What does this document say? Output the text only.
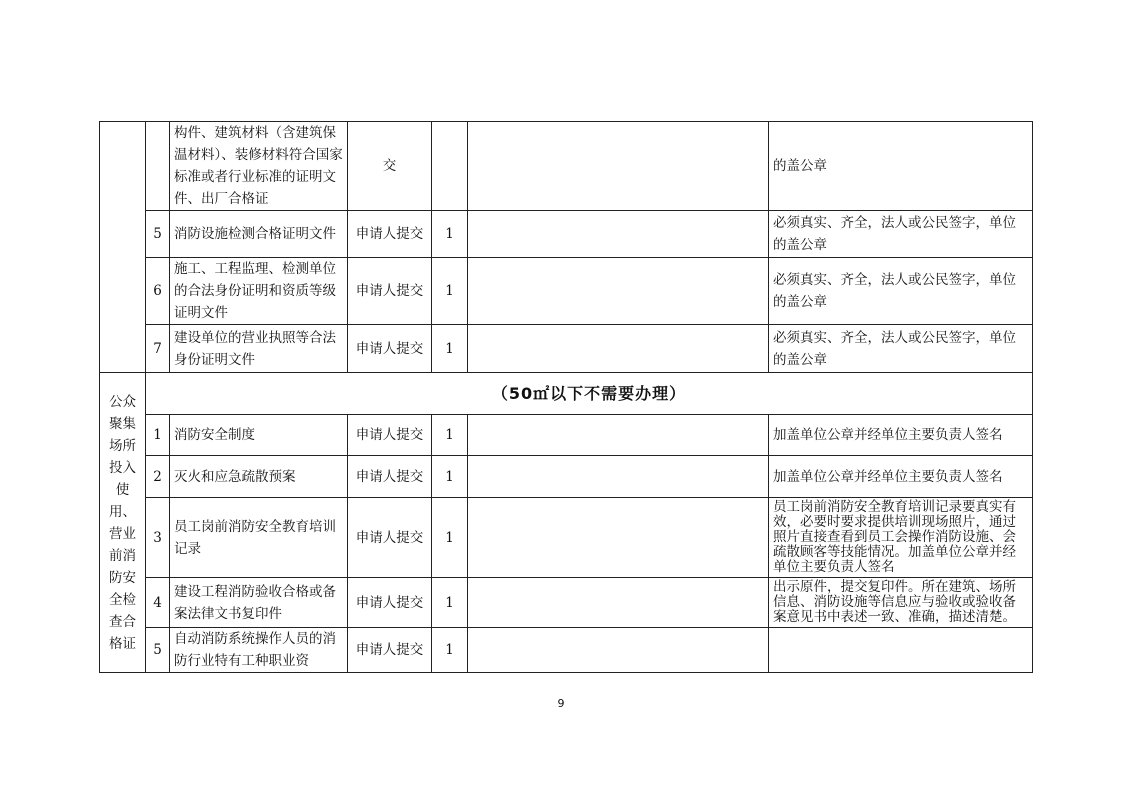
		构件、建筑材料（含建筑保温材料）、装修材料符合国家标准或者行业标准的证明文件、出厂合格证	交			的盖公章
	5	消防设施检测合格证明文件	申请人提交	1		必须真实、齐全，法人或公民签字，单位的盖公章
	6	施工、工程监理、检测单位的合法身份证明和资质等级证明文件	申请人提交	1		必须真实、齐全，法人或公民签字，单位的盖公章
	7	建设单位的营业执照等合法身份证明文件	申请人提交	1		必须真实、齐全，法人或公民签字，单位的盖公章
公众聚集场所投入使用、营业前消防安全检查合格证	（50㎡以下不需要办理）					
	1	消防安全制度	申请人提交	1		加盖单位公章并经单位主要负责人签名
	2	灭火和应急疏散预案	申请人提交	1		加盖单位公章并经单位主要负责人签名
	3	员工岗前消防安全教育培训记录	申请人提交	1		员工岗前消防安全教育培训记录要真实有效，必要时要求提供培训现场照片，通过照片直接查看到员工会操作消防设施、会疏散顾客等技能情况。加盖单位公章并经单位主要负责人签名
	4	建设工程消防验收合格或备案法律文书复印件	申请人提交	1		出示原件，提交复印件。所在建筑、场所信息、消防设施等信息应与验收或验收备案意见书中表述一致、准确，描述清楚。
	5	自动消防系统操作人员的消防行业特有工种职业资	申请人提交	1		
9
